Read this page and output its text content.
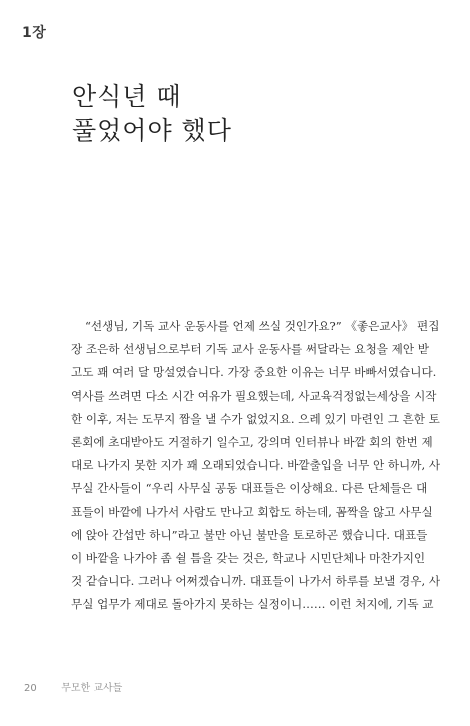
1장
안식년 때
풀었어야 했다
“선생님, 기독 교사 운동사를 언제 쓰실 것인가요?” 《좋은교사》 편집
장 조은하 선생님으로부터 기독 교사 운동사를 써달라는 요청을 제안 받
고도 꽤 여러 달 망설였습니다. 가장 중요한 이유는 너무 바빠서였습니다.
역사를 쓰려면 다소 시간 여유가 필요했는데, 사교육걱정없는세상을 시작
한 이후, 저는 도무지 짬을 낼 수가 없었지요. 으레 있기 마련인 그 흔한 토
론회에 초대받아도 거절하기 일수고, 강의며 인터뷰나 바깥 회의 한번 제
대로 나가지 못한 지가 꽤 오래되었습니다. 바깥출입을 너무 안 하니까, 사
무실 간사들이 “우리 사무실 공동 대표들은 이상해요. 다른 단체들은 대
표들이 바깥에 나가서 사람도 만나고 회합도 하는데, 꼼짝을 않고 사무실
에 앉아 간섭만 하니”라고 불만 아닌 불만을 토로하곤 했습니다. 대표들
이 바깥을 나가야 좀 쉴 틈을 갖는 것은, 학교나 시민단체나 마찬가지인
것 같습니다. 그러나 어쩌겠습니까. 대표들이 나가서 하루를 보낼 경우, 사
무실 업무가 제대로 돌아가지 못하는 실정이니…… 이런 처지에, 기독 교
20 무모한 교사들
